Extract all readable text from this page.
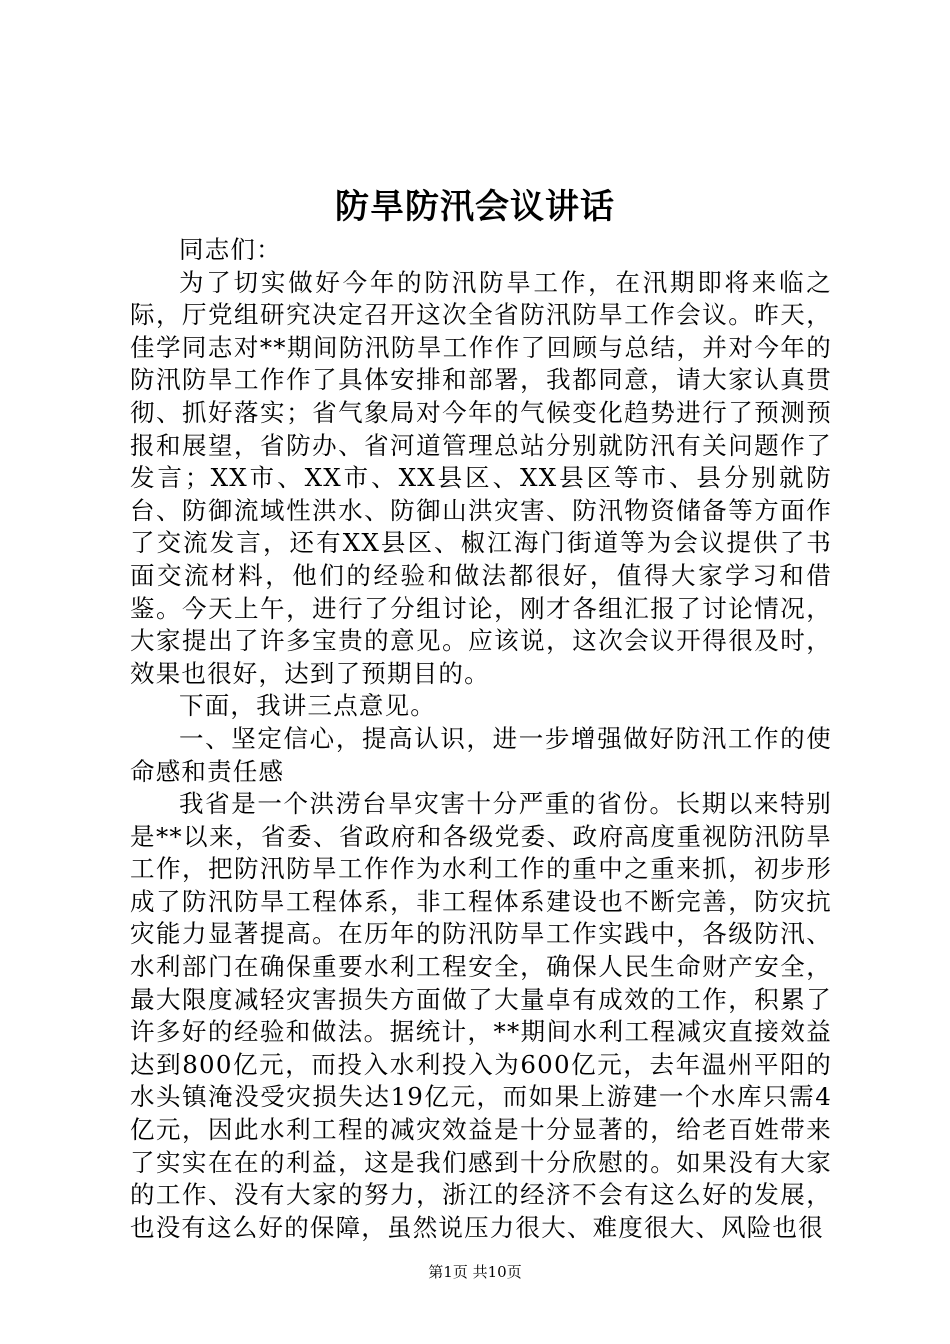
防旱防汛会议讲话

同志们：

为了切实做好今年的防汛防旱工作，在汛期即将来临之际，厅党组研究决定召开这次全省防汛防旱工作会议。昨天，佳学同志对**期间防汛防旱工作作了回顾与总结，并对今年的防汛防旱工作作了具体安排和部署，我都同意，请大家认真贯彻、抓好落实；省气象局对今年的气候变化趋势进行了预测预报和展望，省防办、省河道管理总站分别就防汛有关问题作了发言；XX市、XX市、XX县区、XX县区等市、县分别就防台、防御流域性洪水、防御山洪灾害、防汛物资储备等方面作了交流发言，还有XX县区、椒江海门街道等为会议提供了书面交流材料，他们的经验和做法都很好，值得大家学习和借鉴。今天上午，进行了分组讨论，刚才各组汇报了讨论情况，大家提出了许多宝贵的意见。应该说，这次会议开得很及时，效果也很好，达到了预期目的。

下面，我讲三点意见。

一、坚定信心，提高认识，进一步增强做好防汛工作的使命感和责任感

我省是一个洪涝台旱灾害十分严重的省份。长期以来特别是**以来，省委、省政府和各级党委、政府高度重视防汛防旱工作，把防汛防旱工作作为水利工作的重中之重来抓，初步形成了防汛防旱工程体系，非工程体系建设也不断完善，防灾抗灾能力显著提高。在历年的防汛防旱工作实践中，各级防汛、水利部门在确保重要水利工程安全，确保人民生命财产安全，最大限度减轻灾害损失方面做了大量卓有成效的工作，积累了许多好的经验和做法。据统计，**期间水利工程减灾直接效益达到800亿元，而投入水利投入为600亿元，去年温州平阳的水头镇淹没受灾损失达19亿元，而如果上游建一个水库只需4亿元，因此水利工程的减灾效益是十分显著的，给老百姓带来了实实在在的利益，这是我们感到十分欣慰的。如果没有大家的工作、没有大家的努力，浙江的经济不会有这么好的发展，也没有这么好的保障，虽然说压力很大、难度很大、风险也很

第1页 共10页
